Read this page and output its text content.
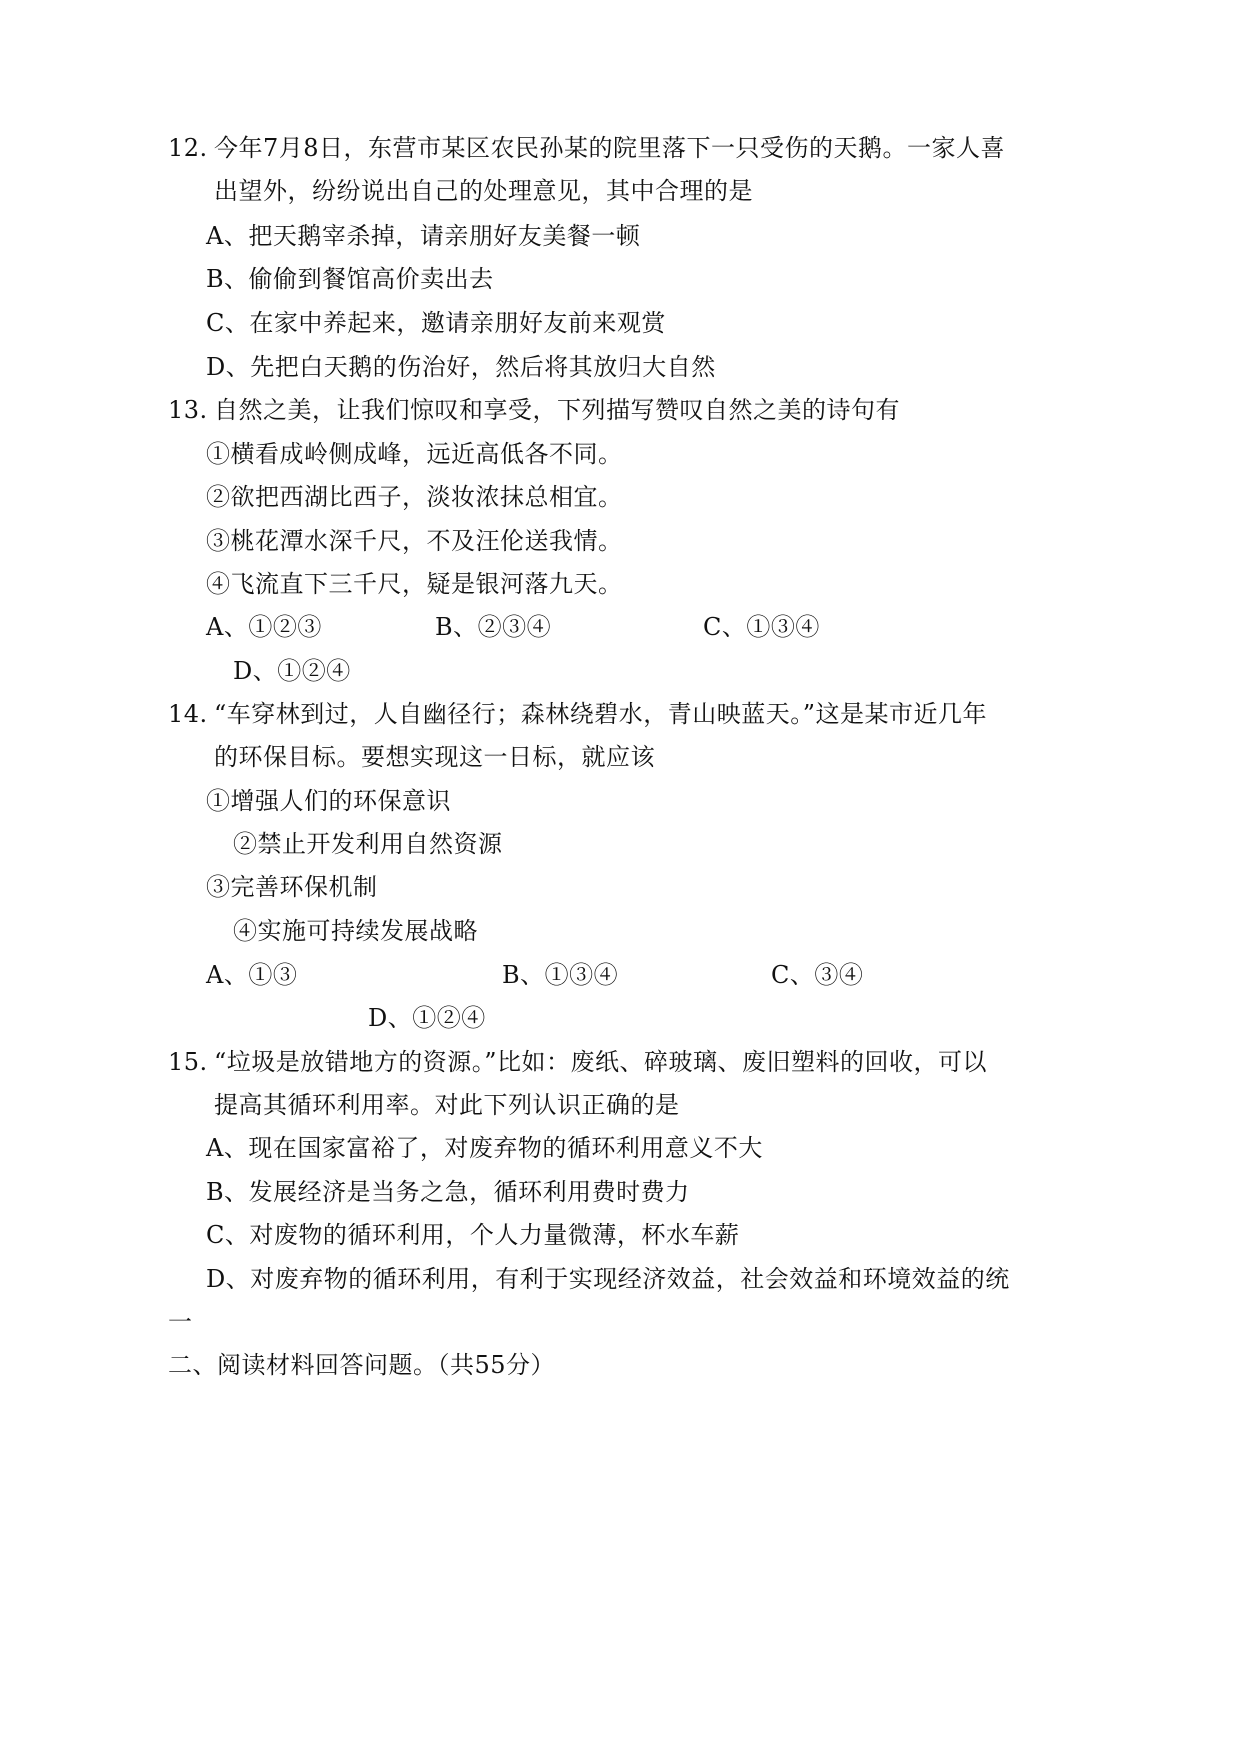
12. 今年7月8日，东营市某区农民孙某的院里落下一只受伤的天鹅。一家人喜
出望外，纷纷说出自己的处理意见，其中合理的是
A、把天鹅宰杀掉，请亲朋好友美餐一顿
B、偷偷到餐馆高价卖出去
C、在家中养起来，邀请亲朋好友前来观赏
D、先把白天鹅的伤治好，然后将其放归大自然
13. 自然之美，让我们惊叹和享受，下列描写赞叹自然之美的诗句有
①横看成岭侧成峰，远近高低各不同。
②欲把西湖比西子，淡妆浓抹总相宜。
③桃花潭水深千尺，不及汪伦送我情。
④飞流直下三千尺，疑是银河落九天。
A、①②③	B、②③④	C、①③④
D、①②④
14. “车穿林到过，人自幽径行；森林绕碧水，青山映蓝天。”这是某市近几年
的环保目标。要想实现这一日标，就应该
①增强人们的环保意识
②禁止开发利用自然资源
③完善环保机制
④实施可持续发展战略
A、①③	B、①③④	C、③④
D、①②④
15. “垃圾是放错地方的资源。”比如：废纸、碎玻璃、废旧塑料的回收，可以
提高其循环利用率。对此下列认识正确的是
A、现在国家富裕了，对废弃物的循环利用意义不大
B、发展经济是当务之急，循环利用费时费力
C、对废物的循环利用，个人力量微薄，杯水车薪
D、对废弃物的循环利用，有利于实现经济效益，社会效益和环境效益的统
一
二、阅读材料回答问题。（共55分）
